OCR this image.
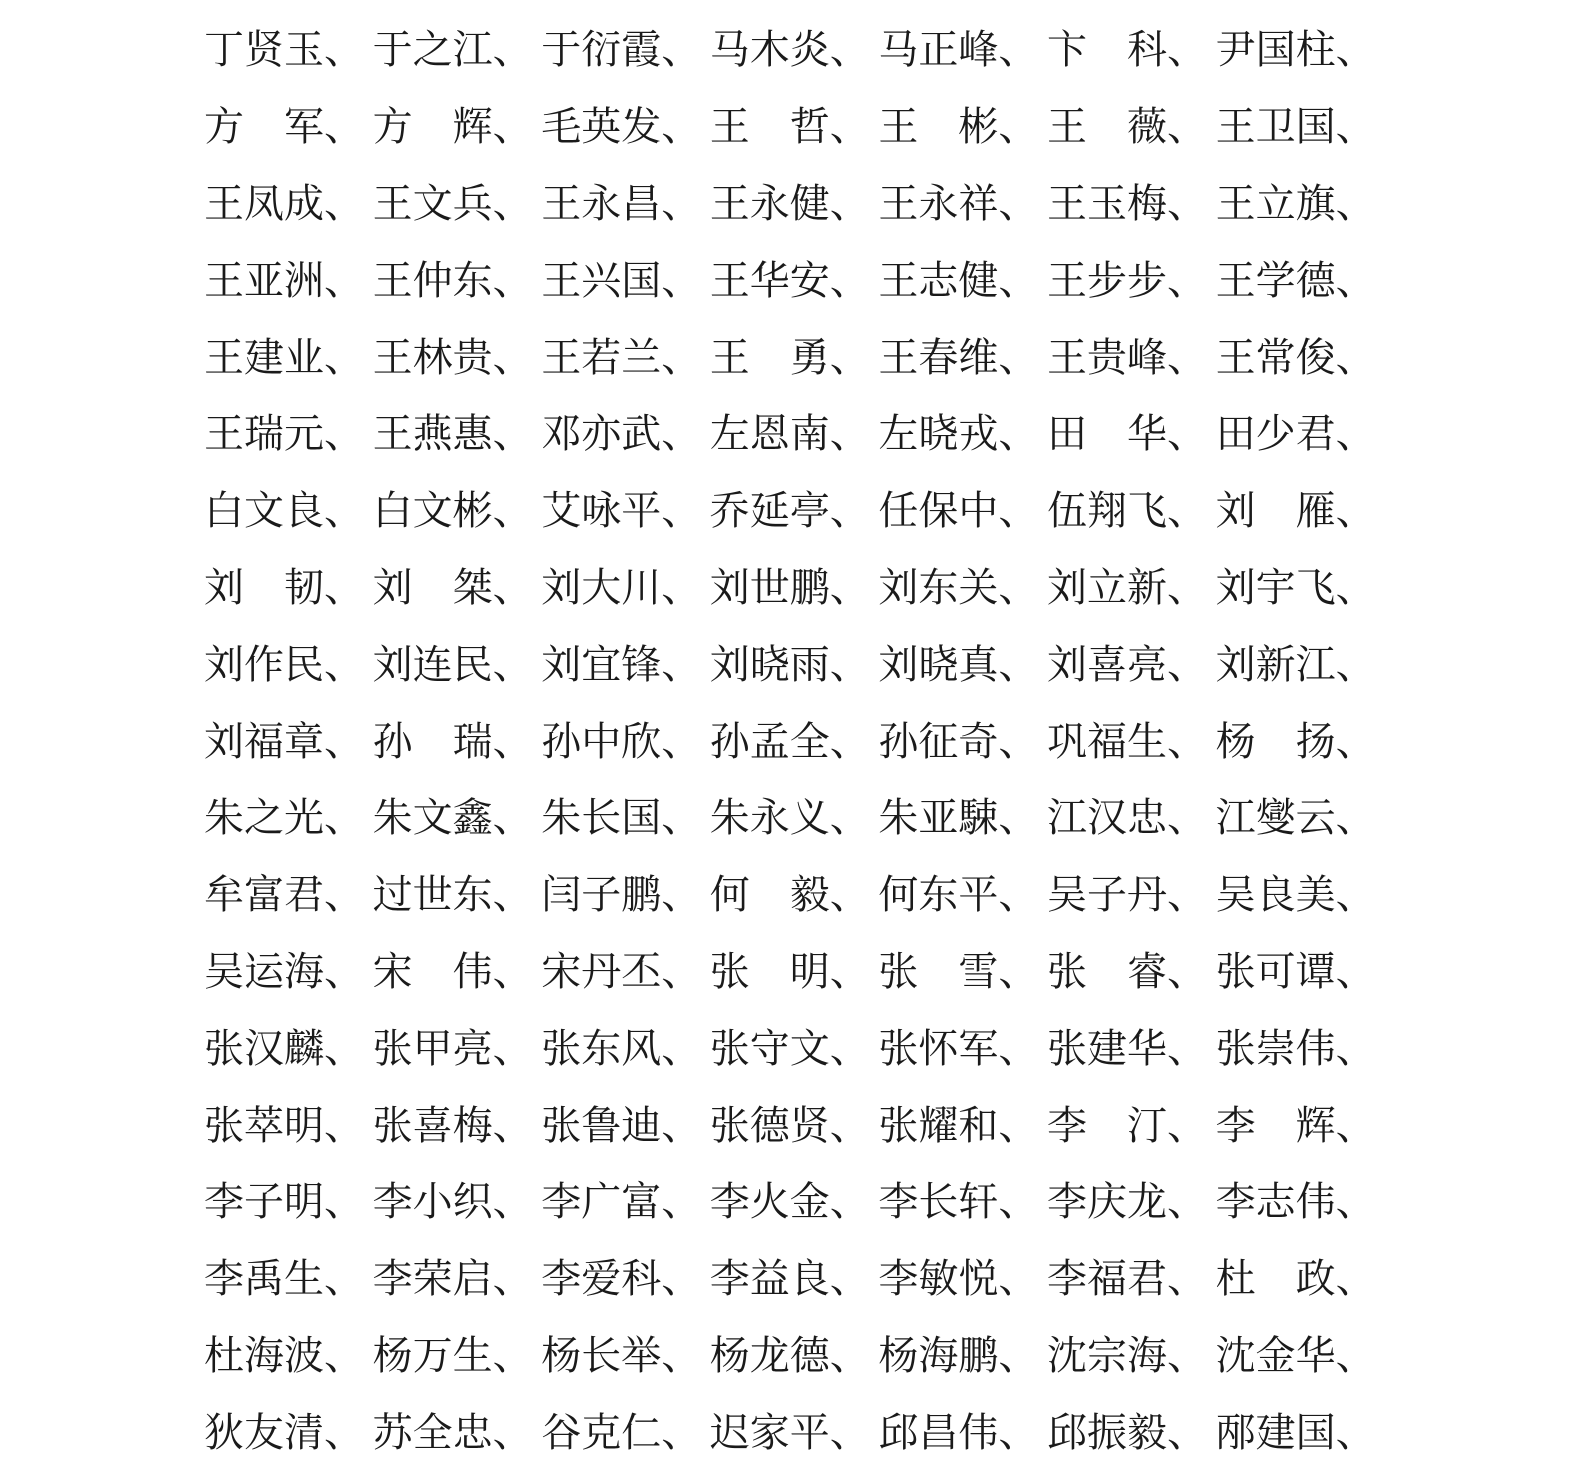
丁 贤 玉 、 于 之 江 、 于 衍 霞 、 马 木 炎 、 马 正 峰 、 卞 科 、 尹 国 柱 、
方 军 、 方 辉 、 毛 英 发 、 王 哲 、 王 彬 、 王 薇 、 王 卫 国 、
王 凤 成 、 王 文 兵 、 王 永 昌 、 王 永 健 、 王 永 祥 、 王 玉 梅 、 王 立 旗 、
王 亚 洲 、 王 仲 东 、 王 兴 国 、 王 华 安 、 王 志 健 、 王 步 步 、 王 学 德 、
王 建 业 、 王 林 贵 、 王 若 兰 、 王 勇 、 王 春 维 、 王 贵 峰 、 王 常 俊 、
王 瑞 元 、 王 燕 惠 、 邓 亦 武 、 左 恩 南 、 左 晓 戎 、 田 华 、 田 少 君 、
白 文 良 、 白 文 彬 、 艾 咏 平 、 乔 延 亭 、 任 保 中 、 伍 翔 飞 、 刘 雁 、
刘 韧 、 刘 桀 、 刘 大 川 、 刘 世 鹏 、 刘 东 关 、 刘 立 新 、 刘 宇 飞 、
刘 作 民 、 刘 连 民 、 刘 宜 锋 、 刘 晓 雨 、 刘 晓 真 、 刘 喜 亮 、 刘 新 江 、
刘 福 章 、 孙 瑞 、 孙 中 欣 、 孙 孟 全 、 孙 征 奇 、 巩 福 生 、 杨 扬 、
朱 之 光 、 朱 文 鑫 、 朱 长 国 、 朱 永 义 、 朱 亚 駷 、 江 汉 忠 、 江 燮 云 、
牟 富 君 、 过 世 东 、 闫 子 鹏 、 何 毅 、 何 东 平 、 吴 子 丹 、 吴 良 美 、
吴 运 海 、 宋 伟 、 宋 丹 丕 、 张 明 、 张 雪 、 张 睿 、 张 可 谭 、
张 汉 麟 、 张 甲 亮 、 张 东 风 、 张 守 文 、 张 怀 军 、 张 建 华 、 张 崇 伟 、
张 萃 明 、 张 喜 梅 、 张 鲁 迪 、 张 德 贤 、 张 耀 和 、 李 汀 、 李 辉 、
李 子 明 、 李 小 织 、 李 广 富 、 李 火 金 、 李 长 轩 、 李 庆 龙 、 李 志 伟 、
李 禹 生 、 李 荣 启 、 李 爱 科 、 李 益 良 、 李 敏 悦 、 李 福 君 、 杜 政 、
杜 海 波 、 杨 万 生 、 杨 长 举 、 杨 龙 德 、 杨 海 鹏 、 沈 宗 海 、 沈 金 华 、
狄 友 清 、 苏 全 忠 、 谷 克 仁 、 迟 家 平 、 邱 昌 伟 、 邱 振 毅 、 邴 建 国 、
